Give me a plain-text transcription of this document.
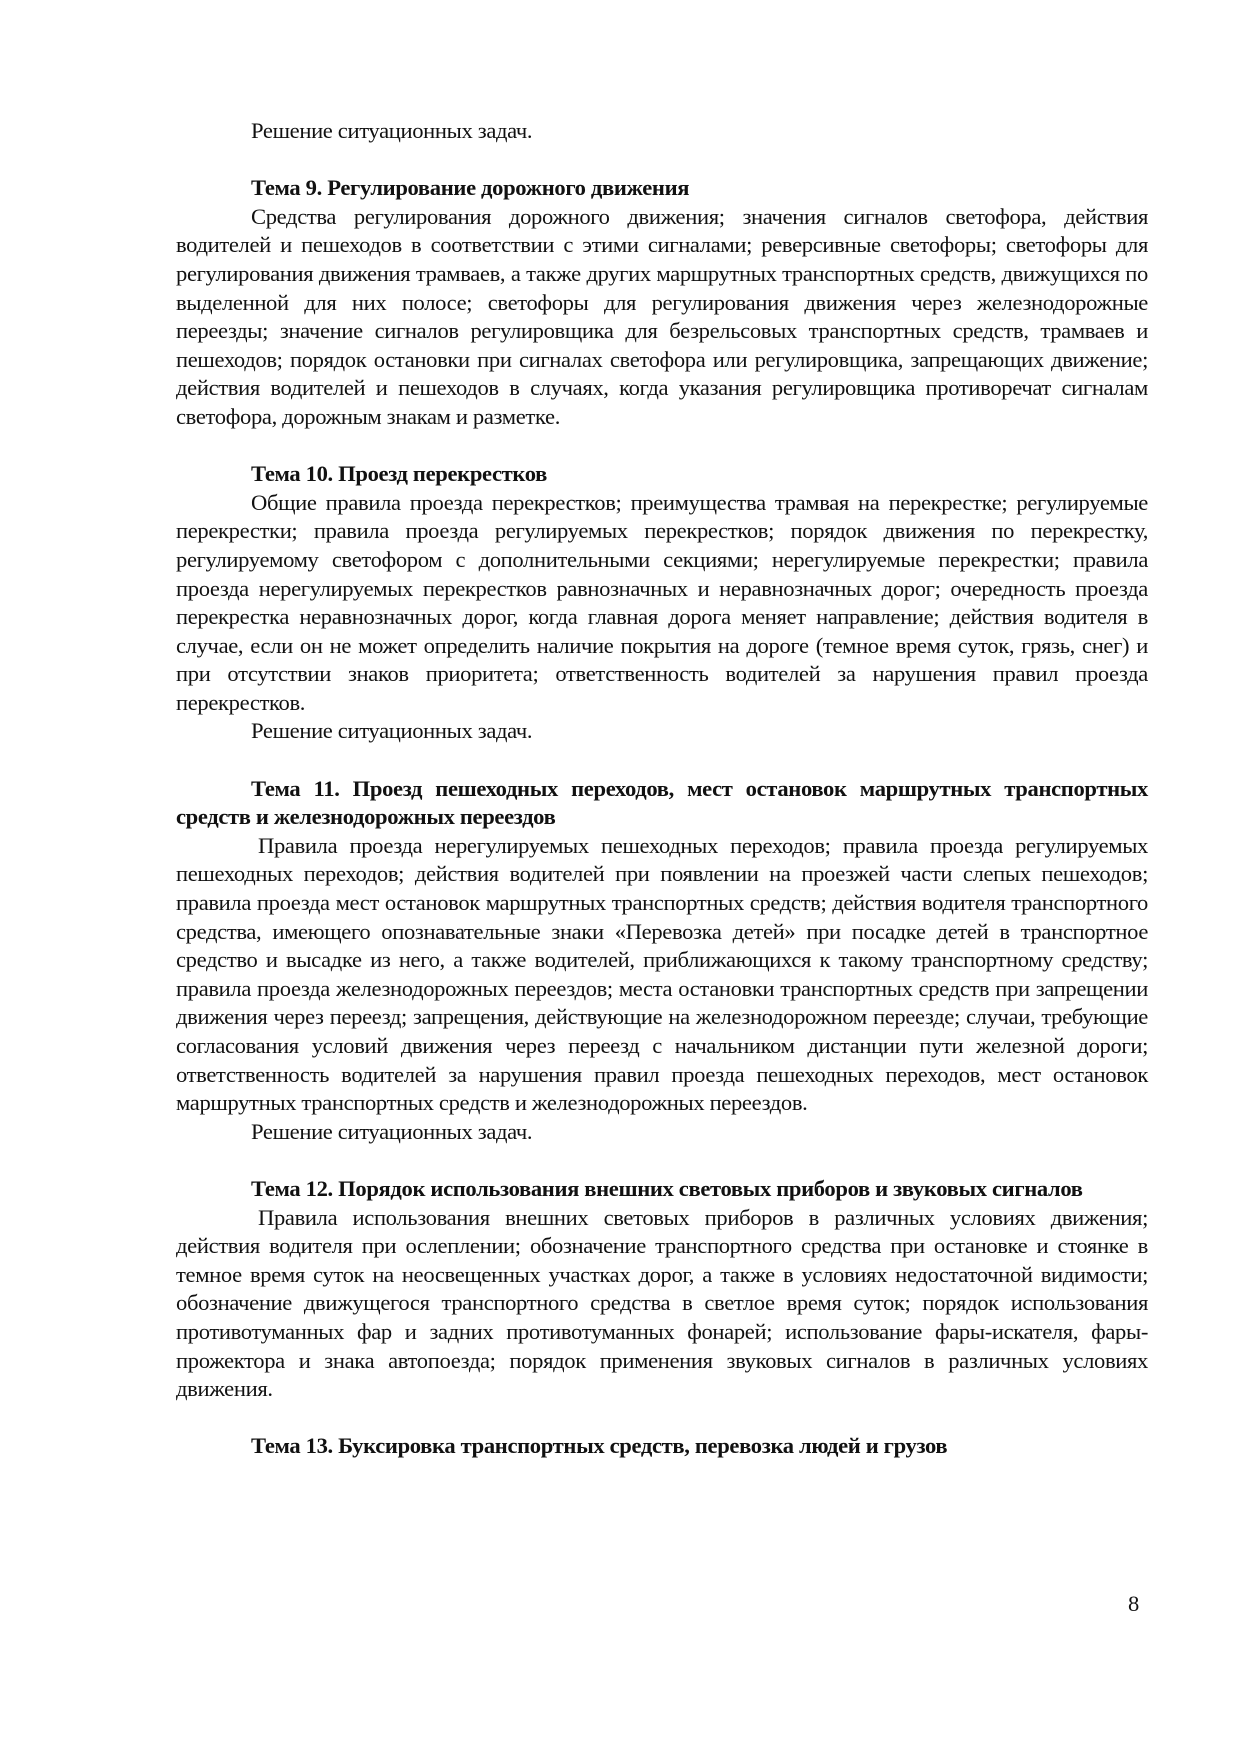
Решение ситуационных задач.

Тема 9. Регулирование дорожного движения

Средства регулирования дорожного движения; значения сигналов светофора, действия водителей и пешеходов в соответствии с этими сигналами; реверсивные светофоры; светофоры для регулирования движения трамваев, а также других маршрутных транспортных средств, движущихся по выделенной для них полосе; светофоры для регулирования движения через железнодорожные переезды; значение сигналов регулировщика для безрельсовых транспортных средств, трамваев и пешеходов; порядок остановки при сигналах светофора или регулировщика, запрещающих движение; действия водителей и пешеходов в случаях, когда указания регулировщика противоречат сигналам светофора, дорожным знакам и разметке.

Тема 10. Проезд перекрестков

Общие правила проезда перекрестков; преимущества трамвая на перекрестке; регулируемые перекрестки; правила проезда регулируемых перекрестков; порядок движения по перекрестку, регулируемому светофором с дополнительными секциями; нерегулируемые перекрестки; правила проезда нерегулируемых перекрестков равнозначных и неравнозначных дорог; очередность проезда перекрестка неравнозначных дорог, когда главная дорога меняет направление; действия водителя в случае, если он не может определить наличие покрытия на дороге (темное время суток, грязь, снег) и при отсутствии знаков приоритета; ответственность водителей за нарушения правил проезда перекрестков.

Решение ситуационных задач.

Тема 11. Проезд пешеходных переходов, мест остановок маршрутных транспортных средств и железнодорожных переездов

Правила проезда нерегулируемых пешеходных переходов; правила проезда регулируемых пешеходных переходов; действия водителей при появлении на проезжей части слепых пешеходов; правила проезда мест остановок маршрутных транспортных средств; действия водителя транспортного средства, имеющего опознавательные знаки «Перевозка детей» при посадке детей в транспортное средство и высадке из него, а также водителей, приближающихся к такому транспортному средству; правила проезда железнодорожных переездов; места остановки транспортных средств при запрещении движения через переезд; запрещения, действующие на железнодорожном переезде; случаи, требующие согласования условий движения через переезд с начальником дистанции пути железной дороги; ответственность водителей за нарушения правил проезда пешеходных переходов, мест остановок маршрутных транспортных средств и железнодорожных переездов.

Решение ситуационных задач.

Тема 12. Порядок использования внешних световых приборов и звуковых сигналов

Правила использования внешних световых приборов в различных условиях движения; действия водителя при ослеплении; обозначение транспортного средства при остановке и стоянке в темное время суток на неосвещенных участках дорог, а также в условиях недостаточной видимости; обозначение движущегося транспортного средства в светлое время суток; порядок использования противотуманных фар и задних противотуманных фонарей; использование фары-искателя, фары-прожектора и знака автопоезда; порядок применения звуковых сигналов в различных условиях движения.

Тема 13. Буксировка транспортных средств, перевозка людей и грузов
8
